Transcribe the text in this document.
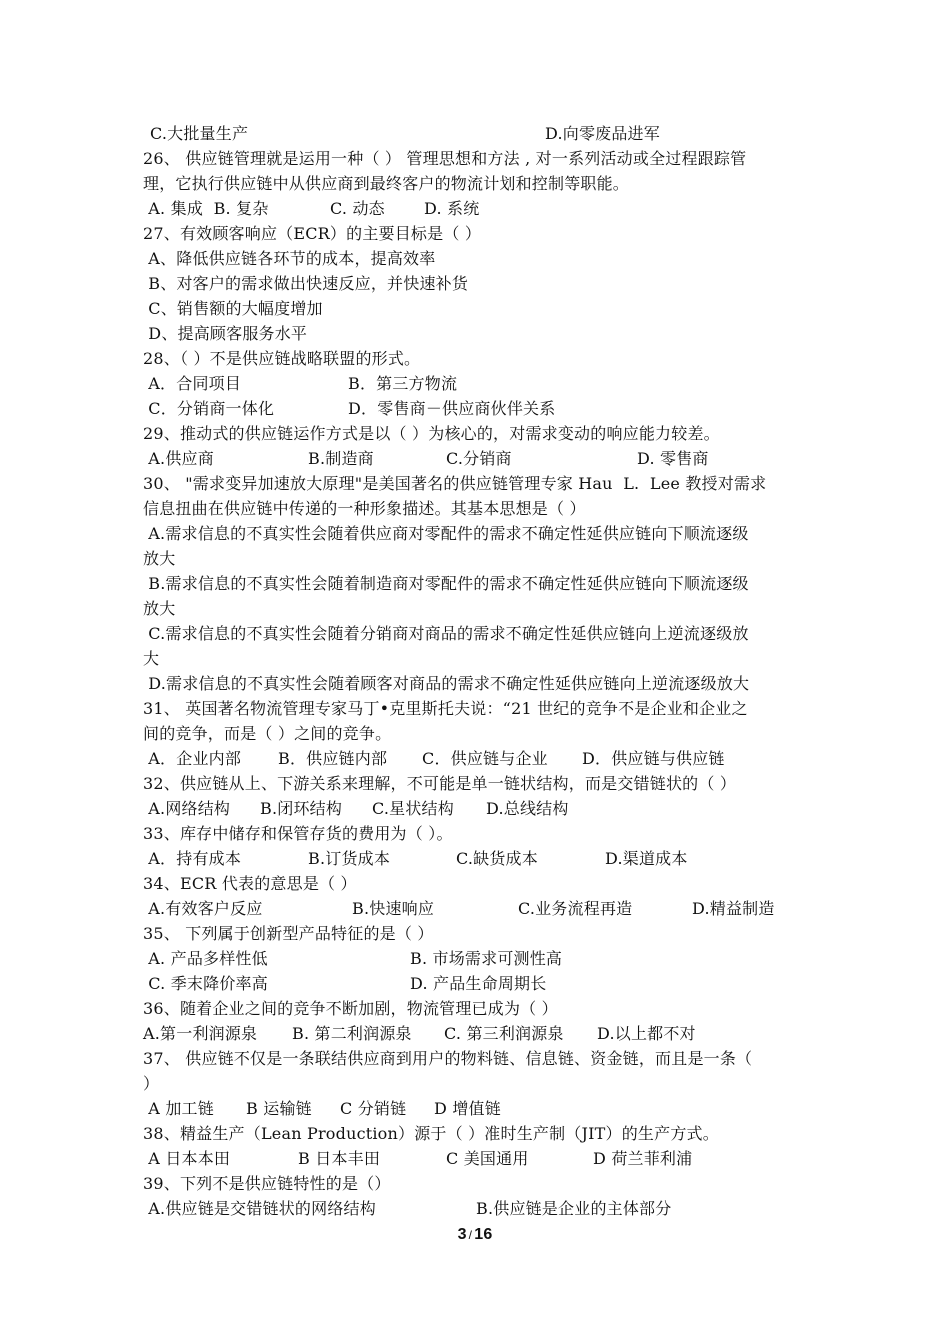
C.大批量生产	D.向零废品进军
26、 供应链管理就是运用一种（ ） 管理思想和方法 , 对一系列活动或全过程跟踪管
理，它执行供应链中从供应商到最终客户的物流计划和控制等职能。
A. 集成  B. 复杂	C. 动态 D. 系统
27、有效顾客响应（ECR）的主要目标是（ ）
A、降低供应链各环节的成本，提高效率
B、对客户的需求做出快速反应，并快速补货
C、销售额的大幅度增加
D、提高顾客服务水平
28、（ ）不是供应链战略联盟的形式。
A．合同项目	B．第三方物流
C．分销商一体化	D．零售商－供应商伙伴关系
29、推动式的供应链运作方式是以（ ）为核心的，对需求变动的响应能力较差。
A.供应商	B.制造商	C.分销商	D. 零售商
30、 "需求变异加速放大原理"是美国著名的供应链管理专家 Hau  L.  Lee 教授对需求
信息扭曲在供应链中传递的一种形象描述。其基本思想是（ ）
A.需求信息的不真实性会随着供应商对零配件的需求不确定性延供应链向下顺流逐级
放大
B.需求信息的不真实性会随着制造商对零配件的需求不确定性延供应链向下顺流逐级
放大
C.需求信息的不真实性会随着分销商对商品的需求不确定性延供应链向上逆流逐级放
大
D.需求信息的不真实性会随着顾客对商品的需求不确定性延供应链向上逆流逐级放大
31、 英国著名物流管理专家马丁•克里斯托夫说：“21 世纪的竞争不是企业和企业之
间的竞争，而是（ ）之间的竞争。
A．企业内部 B．供应链内部 C．供应链与企业 D．供应链与供应链
32、供应链从上、下游关系来理解，不可能是单一链状结构，而是交错链状的（ ）
A.网络结构 B.闭环结构 C.星状结构 D.总线结构
33、库存中储存和保管存货的费用为（ ）。
A．持有成本	B.订货成本	C.缺货成本	D.渠道成本
34、ECR 代表的意思是（ ）
A.有效客户反应	B.快速响应	C.业务流程再造	D.精益制造
35、 下列属于创新型产品特征的是（ ）
A. 产品多样性低	B. 市场需求可测性高
C. 季末降价率高	D. 产品生命周期长
36、随着企业之间的竞争不断加剧，物流管理已成为（ ）
A.第一利润源泉 B. 第二利润源泉 C. 第三利润源泉 D.以上都不对
37、 供应链不仅是一条联结供应商到用户的物料链、信息链、资金链，而且是一条（
）
A 加工链 B 运输链 C 分销链 D 增值链
38、精益生产（Lean Production）源于（ ）准时生产制（JIT）的生产方式。
A 日本本田	B 日本丰田	C 美国通用	D 荷兰菲利浦
39、下列不是供应链特性的是（）
A.供应链是交错链状的网络结构	B.供应链是企业的主体部分
3 / 16
